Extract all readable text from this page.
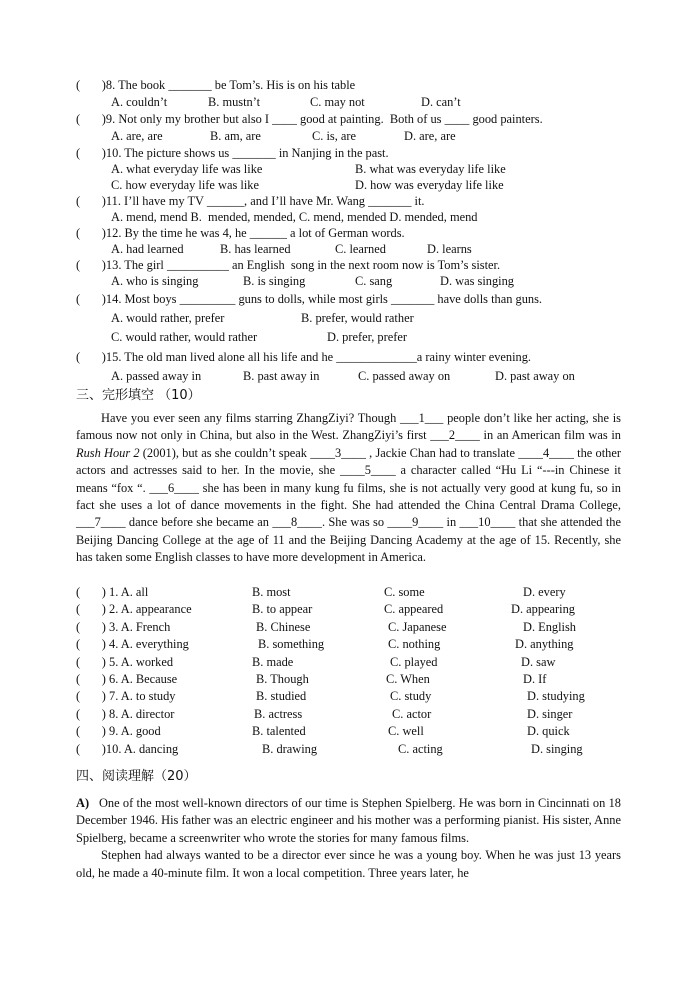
(       )8. The book _______ be Tom’s. His is on his table
A. couldn’t	B. mustn’t	C. may not	D. can’t
(       )9. Not only my brother but also I ____ good at painting.  Both of us ____ good painters.
A. are, are	B. am, are	C. is, are	D. are, are
(       )10. The picture shows us _______ in Nanjing in the past.
A. what everyday life was like	B. what was everyday life like
C. how everyday life was like	D. how was everyday life like
(       )11. I’ll have my TV ______, and I’ll have Mr. Wang _______ it.
A. mend, mend B.  mended, mended, C. mend, mended D. mended, mend
(       )12. By the time he was 4, he ______ a lot of German words.
A. had learned	B. has learned	C. learned	D. learns
(       )13. The girl __________ an English  song in the next room now is Tom’s sister.
A. who is singing	B. is singing	C. sang	D. was singing
(       )14. Most boys _________ guns to dolls, while most girls _______ have dolls than guns.
A. would rather, prefer	B. prefer, would rather
C. would rather, would rather	D. prefer, prefer
(       )15. The old man lived alone all his life and he _____________a rainy winter evening.
A. passed away in	B. past away in	C. passed away on	D. past away on
三、完形填空 （10）

Have you ever seen any films starring ZhangZiyi? Though ___1___ people don’t like her acting, she is famous now not only in China, but also in the West. ZhangZiyi’s first ___2____ in an American film was in Rush Hour 2 (2001), but as she couldn’t speak ____3____ , Jackie Chan had to translate ____4____ the other actors and actresses said to her. In the movie, she ____5____ a character called “Hu Li “---in Chinese it means “fox “. ___6____ she has been in many kung fu films, she is not actually very good at kung fu, so in fact she uses a lot of dance movements in the fight. She had attended the China Central Drama College, ___7____ dance before she became an ___8____. She was so ____9____ in ___10____ that she attended the Beijing Dancing College at the age of 11 and the Beijing Dancing Academy at the age of 15. Recently, she has taken some English classes to have more development in America.

(       ) 1. A. all	B. most	C. some	D. every
(       ) 2. A. appearance	B. to appear	C. appeared	D. appearing
(       ) 3. A. French	B. Chinese	C. Japanese	D. English
(       ) 4. A. everything	B. something	C. nothing	D. anything
(       ) 5. A. worked	B. made	C. played	D. saw
(       ) 6. A. Because	B. Though	C. When	D. If
(       ) 7. A. to study	B. studied	C. study	D. studying
(       ) 8. A. director	B. actress	C. actor	D. singer
(       ) 9. A. good	B. talented	C. well	D. quick
(       )10. A. dancing	B. drawing	C. acting	D. singing
四、阅读理解（20）

A) One of the most well-known directors of our time is Stephen Spielberg. He was born in Cincinnati on 18 December 1946. His father was an electric engineer and his mother was a performing pianist. His sister, Anne Spielberg, became a screenwriter who wrote the stories for many famous films.

Stephen had always wanted to be a director ever since he was a young boy. When he was just 13 years old, he made a 40-minute film. It won a local competition. Three years later, he
